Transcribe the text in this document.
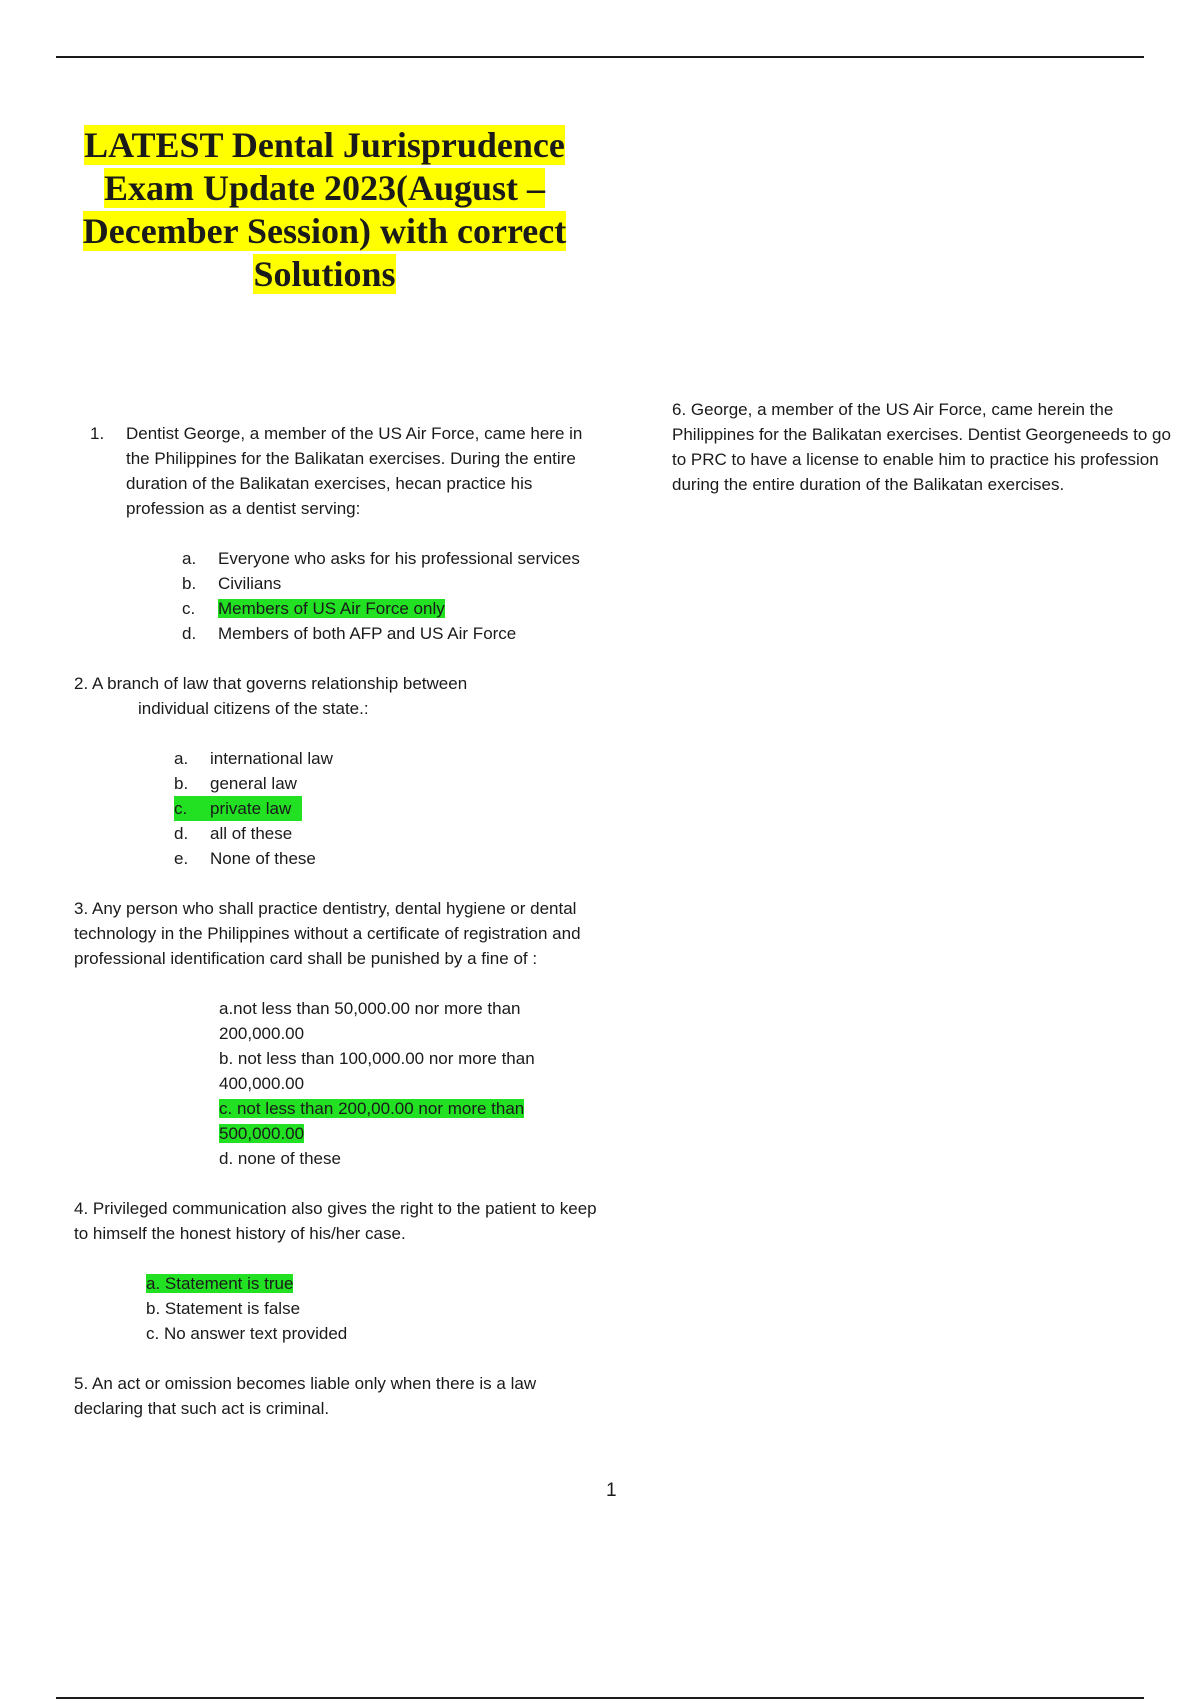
LATEST Dental Jurisprudence Exam Update 2023(August – December Session) with correct Solutions

1.	Dentist George, a member of the US Air Force, came here in the Philippines for the Balikatan exercises. During the entire duration of the Balikatan exercises, hecan practice his profession as a dentist serving:

a.	Everyone who asks for his professional services
b.	Civilians
c.	Members of US Air Force only
d.	Members of both AFP and US Air Force

2. A branch of law that governs relationship between
individual citizens of the state.:

a.	international law
b.	general law
c.	private law
d.	all of these
e.	None of these

3. Any person who shall practice dentistry, dental hygiene or dental technology in the Philippines without a certificate of registration and professional identification card shall be punished by a fine of :

a.not less than 50,000.00 nor more than 200,000.00
b. not less than 100,000.00 nor more than 400,000.00
c. not less than 200,00.00 nor more than 500,000.00
d. none of these

4. Privileged communication also gives the right to the patient to keep to himself the honest history of his/her case.

a. Statement is true
b. Statement is false
c. No answer text provided

5. An act or omission becomes liable only when there is a law declaring that such act is criminal.

6. George, a member of the US Air Force, came herein the Philippines for the Balikatan exercises. Dentist Georgeneeds to go to PRC to have a license to enable him to practice his profession during the entire duration of the Balikatan exercises.

1
